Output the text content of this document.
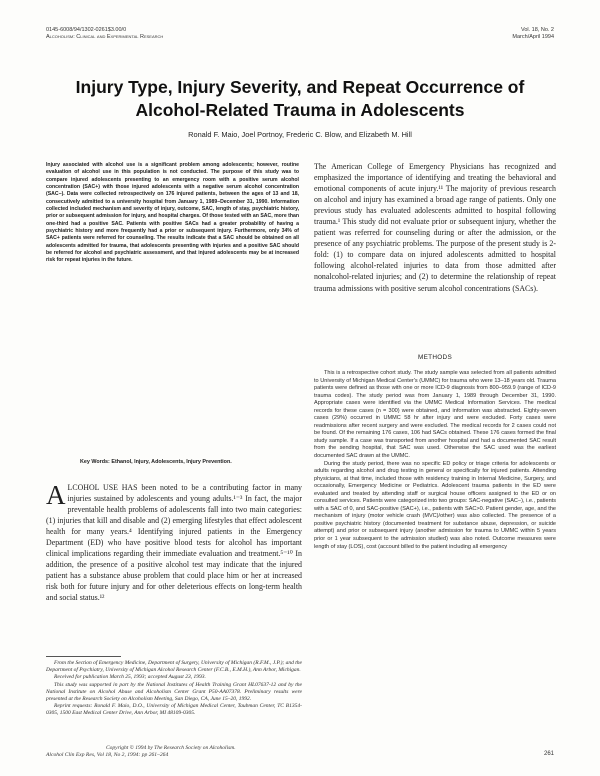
0145-6008/94/1302-0261$3.00/0
Alcoholism: Clinical and Experimental Research
Vol. 18, No. 2
March/April 1994
Injury Type, Injury Severity, and Repeat Occurrence of Alcohol-Related Trauma in Adolescents
Ronald F. Maio, Joel Portnoy, Frederic C. Blow, and Elizabeth M. Hill
Injury associated with alcohol use is a significant problem among adolescents; however, routine evaluation of alcohol use in this population is not conducted. The purpose of this study was to compare injured adolescents presenting to an emergency room with a positive serum alcohol concentration (SAC+) with those injured adolescents with a negative serum alcohol concentration (SAC−). Data were collected retrospectively on 176 injured patients, between the ages of 13 and 18, consecutively admitted to a university hospital from January 1, 1989–December 31, 1990. Information collected included mechanism and severity of injury, outcome, SAC, length of stay, psychiatric history, prior or subsequent admission for injury, and hospital charges. Of those tested with an SAC, more than one-third had a positive SAC. Patients with positive SACs had a greater probability of having a psychiatric history and more frequently had a prior or subsequent injury. Furthermore, only 34% of SAC+ patients were referred for counseling. The results indicate that a SAC should be obtained on all adolescents admitted for trauma, that adolescents presenting with injuries and a positive SAC should be referred for alcohol and psychiatric assessment, and that injured adolescents may be at increased risk for repeat injuries in the future.
Key Words: Ethanol, Injury, Adolescents, Injury Prevention.
ALCOHOL USE HAS been noted to be a contributing factor in many injuries sustained by adolescents and young adults.¹⁻³ In fact, the major preventable health problems of adolescents fall into two main categories: (1) injuries that kill and disable and (2) emerging lifestyles that effect adolescent health for many years.⁴ Identifying injured patients in the Emergency Department (ED) who have positive blood tests for alcohol has important clinical implications regarding their immediate evaluation and treatment.⁵⁻¹⁰ In addition, the presence of a positive alcohol test may indicate that the injured patient has a substance abuse problem that could place him or her at increased risk both for future injury and for other deleterious effects on long-term health and social status.¹²
The American College of Emergency Physicians has recognized and emphasized the importance of identifying and treating the behavioral and emotional components of acute injury.¹¹ The majority of previous research on alcohol and injury has examined a broad age range of patients. Only one previous study has evaluated adolescents admitted to hospital following trauma.¹ This study did not evaluate prior or subsequent injury, whether the patient was referred for counseling during or after the admission, or the presence of any psychiatric problems. The purpose of the present study is 2-fold: (1) to compare data on injured adolescents admitted to hospital following alcohol-related injuries to data from those admitted after nonalcohol-related injuries; and (2) to determine the relationship of repeat trauma admissions with positive serum alcohol concentrations (SACs).
METHODS

This is a retrospective cohort study. The study sample was selected from all patients admitted to University of Michigan Medical Center's (UMMC) for trauma who were 13–18 years old. Trauma patients were defined as those with one or more ICD-9 diagnosis from 800–959.9 (range of ICD-9 trauma codes). The study period was from January 1, 1989 through December 31, 1990. Appropriate cases were identified via the UMMC Medical Information Services. The medical records for these cases (n = 300) were obtained, and information was abstracted. Eighty-seven cases (29%) occurred in UMMC 58 hr after injury and were excluded. Forty cases were readmissions after recent surgery and were excluded. The medical records for 2 cases could not be found. Of the remaining 176 cases, 106 had SACs obtained. These 176 cases formed the final study sample. If a case was transported from another hospital and had a documented SAC result from the sending hospital, that SAC was used. Otherwise the SAC used was the earliest documented SAC drawn at the UMMC.

During the study period, there was no specific ED policy or triage criteria for adolescents or adults regarding alcohol and drug testing in general or specifically for injured patients. Attending physicians, at that time, included those with residency training in Internal Medicine, Surgery, and occasionally, Emergency Medicine or Pediatrics. Adolescent trauma patients in the ED were evaluated and treated by attending staff or surgical house officers assigned to the ED or on consulted services. Patients were categorized into two groups: SAC-negative (SAC−), i.e., patients with a SAC of 0, and SAC-positive (SAC+), i.e., patients with SAC>0. Patient gender, age, and the mechanism of injury (motor vehicle crash (MVC)/other) was also collected. The presence of a positive psychiatric history (documented treatment for substance abuse, depression, or suicide attempt) and prior or subsequent injury (another admission for trauma to UMMC within 5 years prior or 1 year subsequent to the admission studied) was also noted. Outcome measures were length of stay (LOS), cost (account billed to the patient including all emergency

From the Section of Emergency Medicine, Department of Surgery, University of Michigan (R.F.M., J.P.); and the Department of Psychiatry, University of Michigan Alcohol Research Center (F.C.B., E.M.H.), Ann Arbor, Michigan.

Received for publication March 25, 1993; accepted August 23, 1993.

This study was supported in part by the National Institutes of Health Training Grant HL07637-12 and by the National Institute on Alcohol Abuse and Alcoholism Center Grant P50-AA07378. Preliminary results were presented at the Research Society on Alcoholism Meeting, San Diego, CA, June 15–20, 1992.

Reprint requests: Ronald F. Maio, D.O., University of Michigan Medical Center, Taubman Center, TC B1354-0305, 1500 East Medical Center Drive, Ann Arbor, MI 48109-0305.

Copyright © 1994 by The Research Society on Alcoholism.
Alcohol Clin Exp Res, Vol 18, No 2, 1994: pp 261–264	261
